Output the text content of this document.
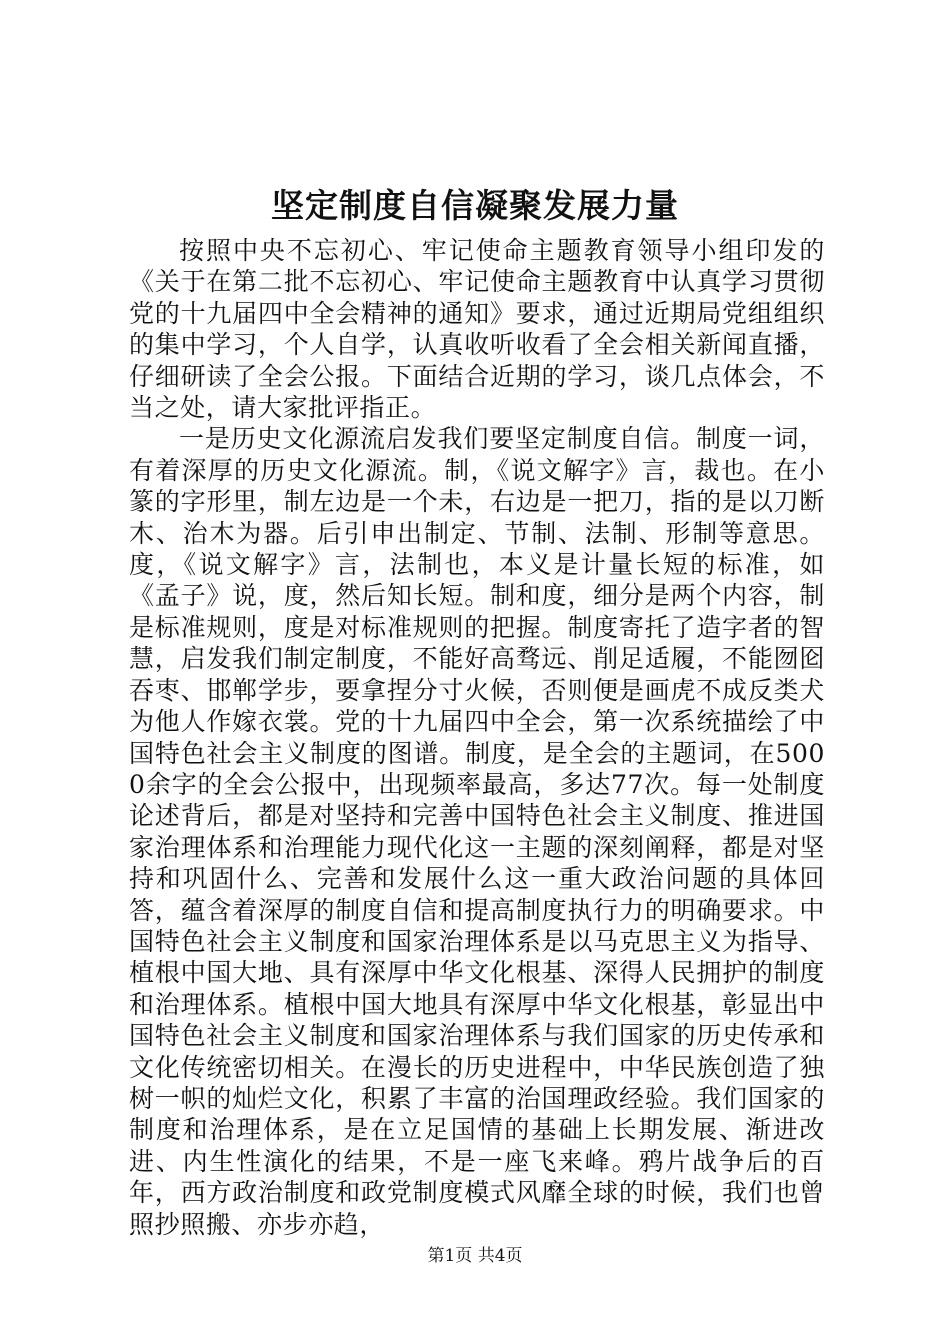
坚定制度自信凝聚发展力量

按照中央不忘初心、牢记使命主题教育领导小组印发的《关于在第二批不忘初心、牢记使命主题教育中认真学习贯彻党的十九届四中全会精神的通知》要求，通过近期局党组组织的集中学习，个人自学，认真收听收看了全会相关新闻直播，仔细研读了全会公报。下面结合近期的学习，谈几点体会，不当之处，请大家批评指正。

一是历史文化源流启发我们要坚定制度自信。制度一词，有着深厚的历史文化源流。制，《说文解字》言，裁也。在小篆的字形里，制左边是一个未，右边是一把刀，指的是以刀断木、治木为器。后引申出制定、节制、法制、形制等意思。度，《说文解字》言，法制也，本义是计量长短的标准，如《孟子》说，度，然后知长短。制和度，细分是两个内容，制是标准规则，度是对标准规则的把握。制度寄托了造字者的智慧，启发我们制定制度，不能好高骛远、削足适履，不能囫囵吞枣、邯郸学步，要拿捏分寸火候，否则便是画虎不成反类犬为他人作嫁衣裳。党的十九届四中全会，第一次系统描绘了中国特色社会主义制度的图谱。制度，是全会的主题词，在5000余字的全会公报中，出现频率最高，多达77次。每一处制度论述背后，都是对坚持和完善中国特色社会主义制度、推进国家治理体系和治理能力现代化这一主题的深刻阐释，都是对坚持和巩固什么、完善和发展什么这一重大政治问题的具体回答，蕴含着深厚的制度自信和提高制度执行力的明确要求。中国特色社会主义制度和国家治理体系是以马克思主义为指导、植根中国大地、具有深厚中华文化根基、深得人民拥护的制度和治理体系。植根中国大地具有深厚中华文化根基，彰显出中国特色社会主义制度和国家治理体系与我们国家的历史传承和文化传统密切相关。在漫长的历史进程中，中华民族创造了独树一帜的灿烂文化，积累了丰富的治国理政经验。我们国家的制度和治理体系，是在立足国情的基础上长期发展、渐进改进、内生性演化的结果，不是一座飞来峰。鸦片战争后的百年，西方政治制度和政党制度模式风靡全球的时候，我们也曾照抄照搬、亦步亦趋，

第1页 共4页
